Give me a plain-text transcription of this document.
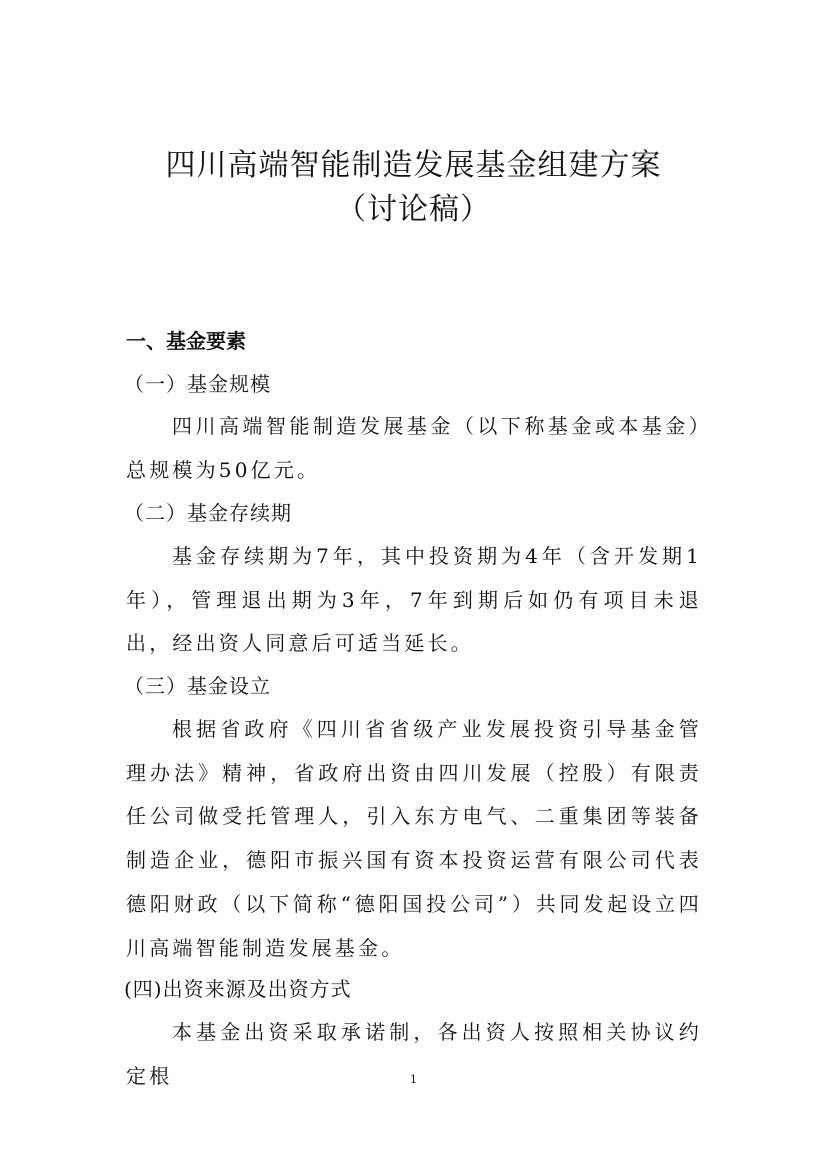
四川高端智能制造发展基金组建方案
（讨论稿）
一、基金要素
（一）基金规模

四川高端智能制造发展基金（以下称基金或本基金）总规模为50亿元。

（二）基金存续期

基金存续期为7年，其中投资期为4年（含开发期1年），管理退出期为3年，7年到期后如仍有项目未退出，经出资人同意后可适当延长。

（三）基金设立

根据省政府《四川省省级产业发展投资引导基金管理办法》精神，省政府出资由四川发展（控股）有限责任公司做受托管理人，引入东方电气、二重集团等装备制造企业，德阳市振兴国有资本投资运营有限公司代表德阳财政（以下简称“德阳国投公司”）共同发起设立四川高端智能制造发展基金。

(四)出资来源及出资方式

本基金出资采取承诺制，各出资人按照相关协议约定根	1
